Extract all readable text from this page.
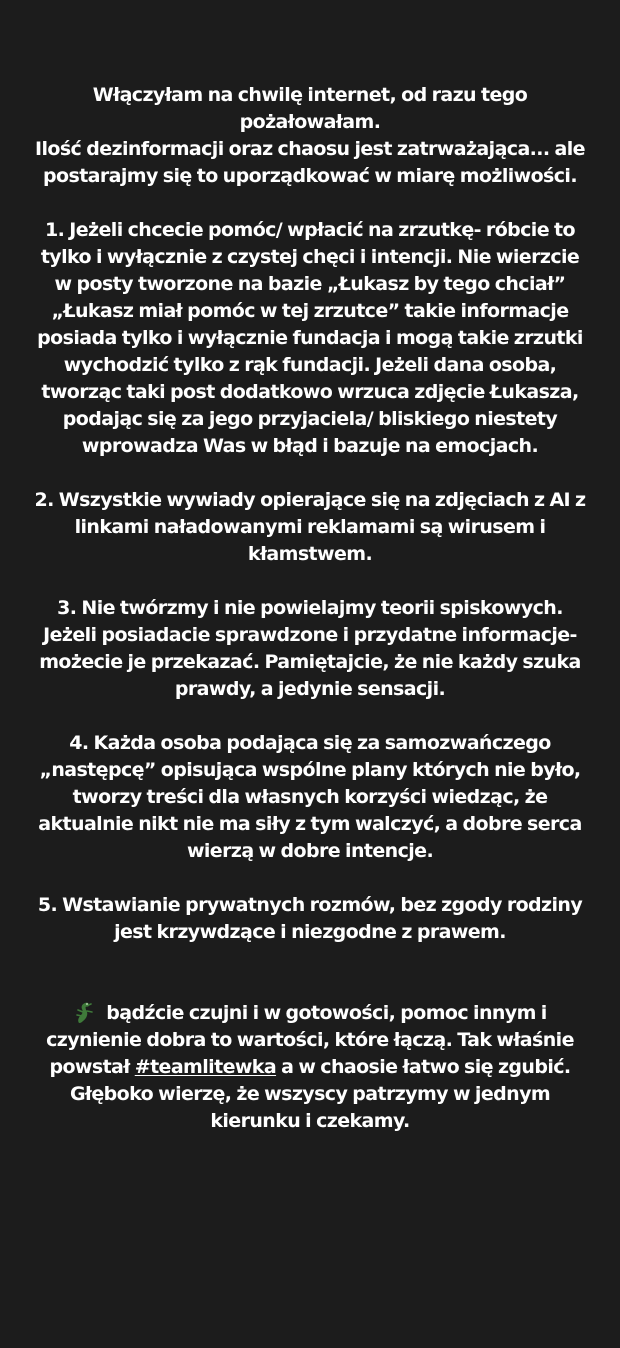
Włączyłam na chwilę internet, od razu tego
pożałowałam.
Ilość dezinformacji oraz chaosu jest zatrważająca... ale
postarajmy się to uporządkować w miarę możliwości.

1. Jeżeli chcecie pomóc/ wpłacić na zrzutkę- róbcie to
tylko i wyłącznie z czystej chęci i intencji. Nie wierzcie
w posty tworzone na bazie „Łukasz by tego chciał”
„Łukasz miał pomóc w tej zrzutce” takie informacje
posiada tylko i wyłącznie fundacja i mogą takie zrzutki
wychodzić tylko z rąk fundacji. Jeżeli dana osoba,
tworząc taki post dodatkowo wrzuca zdjęcie Łukasza,
podając się za jego przyjaciela/ bliskiego niestety
wprowadza Was w błąd i bazuje na emocjach.

2. Wszystkie wywiady opierające się na zdjęciach z AI z
linkami naładowanymi reklamami są wirusem i
kłamstwem.

3. Nie twórzmy i nie powielajmy teorii spiskowych.
Jeżeli posiadacie sprawdzone i przydatne informacje-
możecie je przekazać. Pamiętajcie, że nie każdy szuka
prawdy, a jedynie sensacji.

4. Każda osoba podająca się za samozwańczego
„następcę” opisująca wspólne plany których nie było,
tworzy treści dla własnych korzyści wiedząc, że
aktualnie nikt nie ma siły z tym walczyć, a dobre serca
wierzą w dobre intencje.

5. Wstawianie prywatnych rozmów, bez zgody rodziny
jest krzywdzące i niezgodne z prawem.

bądźcie czujni i w gotowości, pomoc innym i
czynienie dobra to wartości, które łączą. Tak właśnie
powstał #teamlitewka a w chaosie łatwo się zgubić.
Głęboko wierzę, że wszyscy patrzymy w jednym
kierunku i czekamy.
